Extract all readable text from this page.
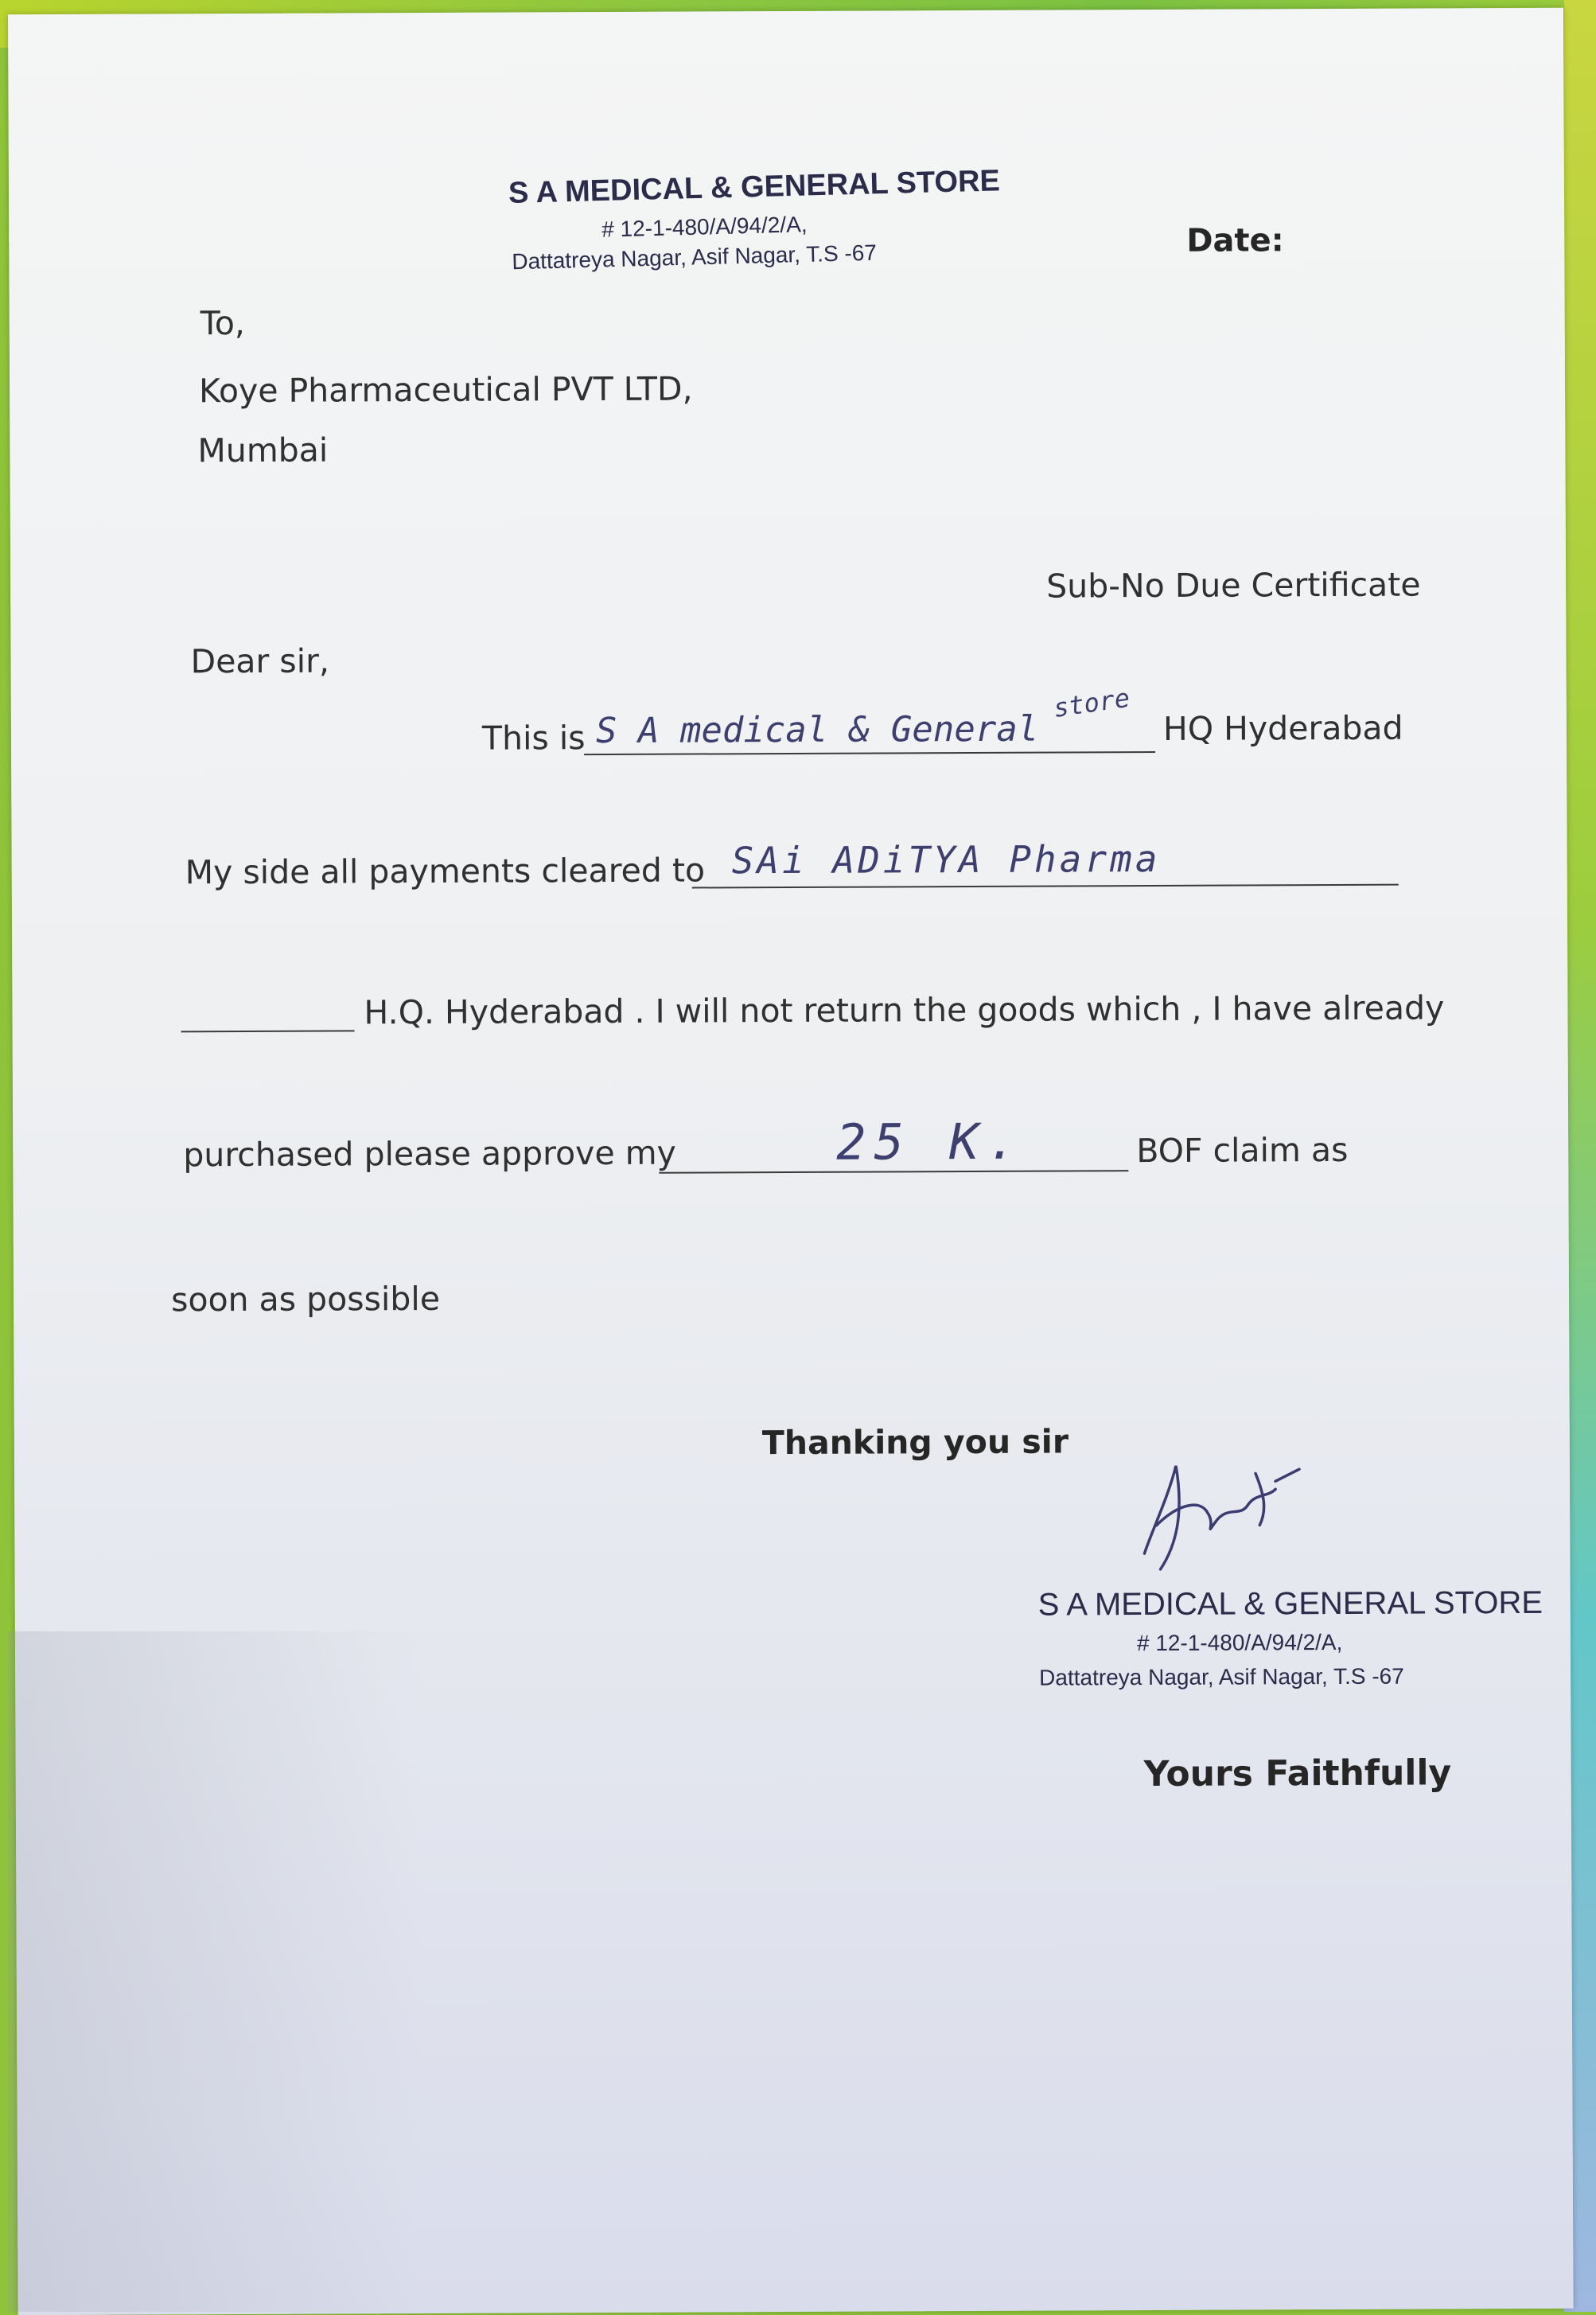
S A MEDICAL & GENERAL STORE
# 12-1-480/A/94/2/A,
Dattatreya Nagar, Asif Nagar, T.S -67	Date:
To,
Koye Pharmaceutical PVT LTD,
Mumbai
Sub-No Due Certificate
Dear sir,
This is S A medical & General
store
HQ Hyderabad
My side all payments cleared to SAi ADiTYA Pharma
H.Q. Hyderabad . I will not return the goods which , I have already
purchased please approve my	25 K.	BOF claim as
soon as possible
Thanking you sir
S A MEDICAL & GENERAL STORE
# 12-1-480/A/94/2/A,
Dattatreya Nagar, Asif Nagar, T.S -67
Yours Faithfully
